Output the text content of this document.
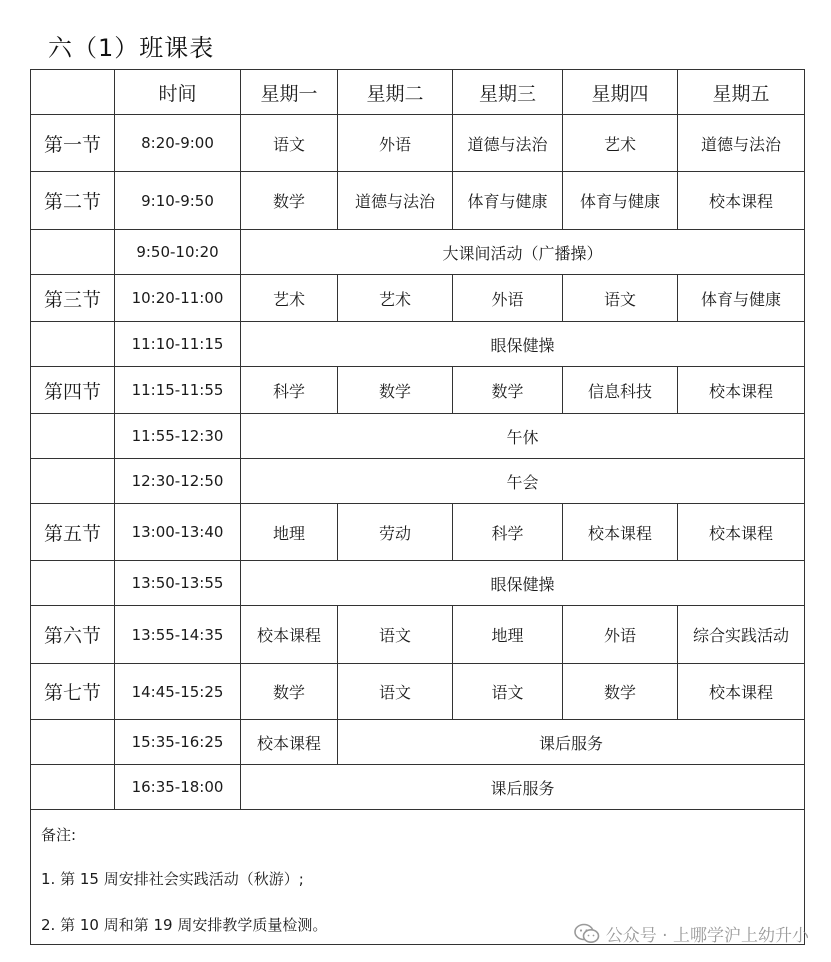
六（1）班课表
	时间	星期一	星期二	星期三	星期四	星期五
第一节	8:20-9:00	语文	外语	道德与法治	艺术	道德与法治
第二节	9:10-9:50	数学	道德与法治	体育与健康	体育与健康	校本课程
	9:50-10:20	大课间活动（广播操）				
第三节	10:20-11:00	艺术	艺术	外语	语文	体育与健康
	11:10-11:15	眼保健操				
第四节	11:15-11:55	科学	数学	数学	信息科技	校本课程
	11:55-12:30	午休				
	12:30-12:50	午会				
第五节	13:00-13:40	地理	劳动	科学	校本课程	校本课程
	13:50-13:55	眼保健操				
第六节	13:55-14:35	校本课程	语文	地理	外语	综合实践活动
第七节	14:45-15:25	数学	语文	语文	数学	校本课程
	15:35-16:25	校本课程	课后服务			
	16:35-18:00	课后服务				

备注:
1. 第 15 周安排社会实践活动（秋游）;
2. 第 10 周和第 19 周安排教学质量检测。						
公众号 · 上哪学沪上幼升小
